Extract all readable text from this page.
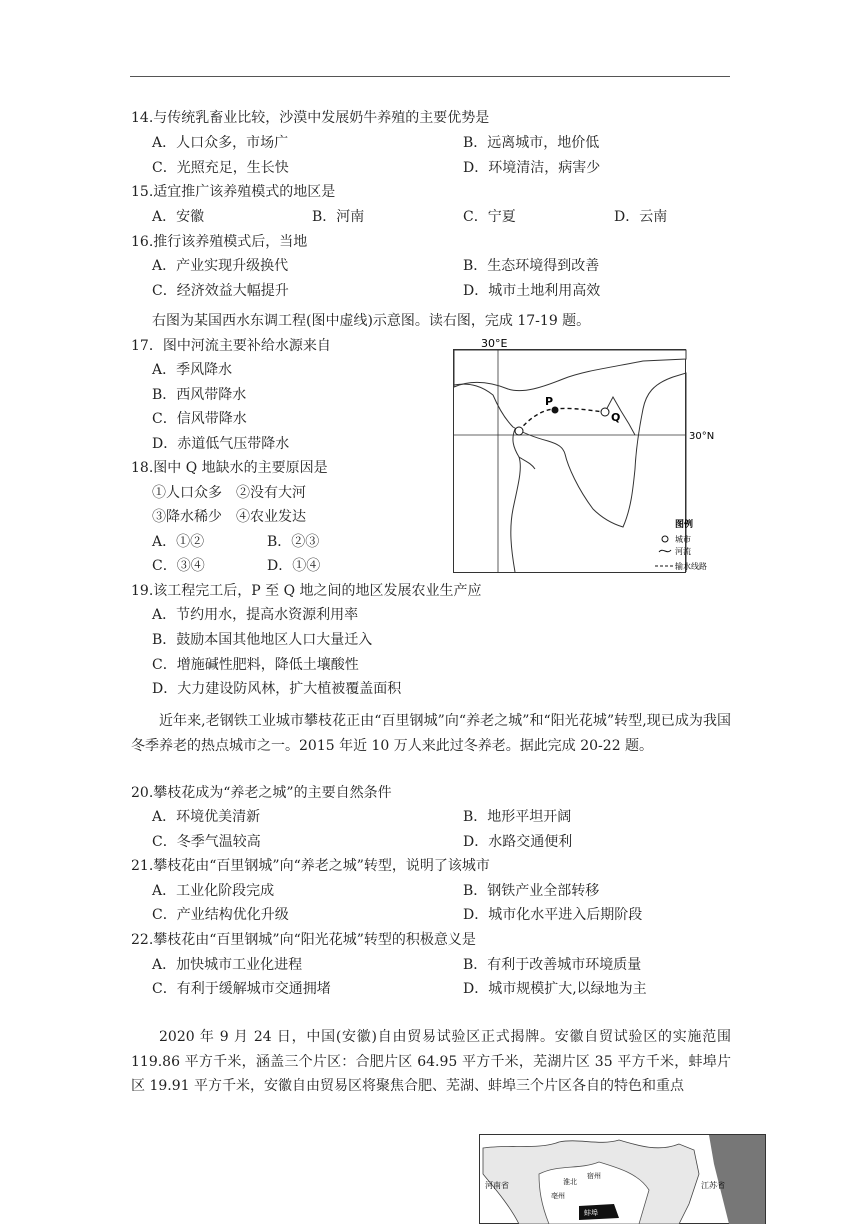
14.与传统乳畜业比较，沙漠中发展奶牛养殖的主要优势是
A．人口众多，市场广	B．远离城市，地价低
C．光照充足，生长快	D．环境清洁，病害少
15.适宜推广该养殖模式的地区是
A．安徽	B．河南	C．宁夏	D．云南
16.推行该养殖模式后，当地
A．产业实现升级换代	B．生态环境得到改善
C．经济效益大幅提升	D．城市土地利用高效
右图为某国西水东调工程(图中虚线)示意图。读右图，完成 17-19 题。
17．图中河流主要补给水源来自
A．季风降水
B．西风带降水
C．信风带降水
D．赤道低气压带降水
18.图中 Q 地缺水的主要原因是
①人口众多　②没有大河
③降水稀少　④农业发达
A．①②	B．②③
C．③④	D．①④
30°E
30°N
P
Q
图例
城市
河流
输水线路
19.该工程完工后，P 至 Q 地之间的地区发展农业生产应
A．节约用水，提高水资源利用率
B．鼓励本国其他地区人口大量迁入
C．增施碱性肥料，降低土壤酸性
D．大力建设防风林，扩大植被覆盖面积
近年来,老钢铁工业城市攀枝花正由“百里钢城”向“养老之城”和“阳光花城”转型,现已成为我国冬季养老的热点城市之一。2015 年近 10 万人来此过冬养老。据此完成 20-22 题。
20.攀枝花成为“养老之城”的主要自然条件
A．环境优美清新	B．地形平坦开阔
C．冬季气温较高	D．水路交通便利
21.攀枝花由“百里钢城”向“养老之城”转型，说明了该城市
A．工业化阶段完成	B．钢铁产业全部转移
C．产业结构优化升级	D．城市化水平进入后期阶段
22.攀枝花由“百里钢城”向“阳光花城”转型的积极意义是
A．加快城市工业化进程	B．有利于改善城市环境质量
C．有利于缓解城市交通拥堵	D．城市规模扩大,以绿地为主
2020 年 9 月 24 日，中国(安徽)自由贸易试验区正式揭牌。安徽自贸试验区的实施范围 119.86 平方千米，涵盖三个片区：合肥片区 64.95 平方千米，芜湖片区 35 平方千米，蚌埠片区 19.91 平方千米，安徽自由贸易区将聚焦合肥、芜湖、蚌埠三个片区各自的特色和重点
河南省	江苏省
淮北
宿州
亳州
蚌埠
